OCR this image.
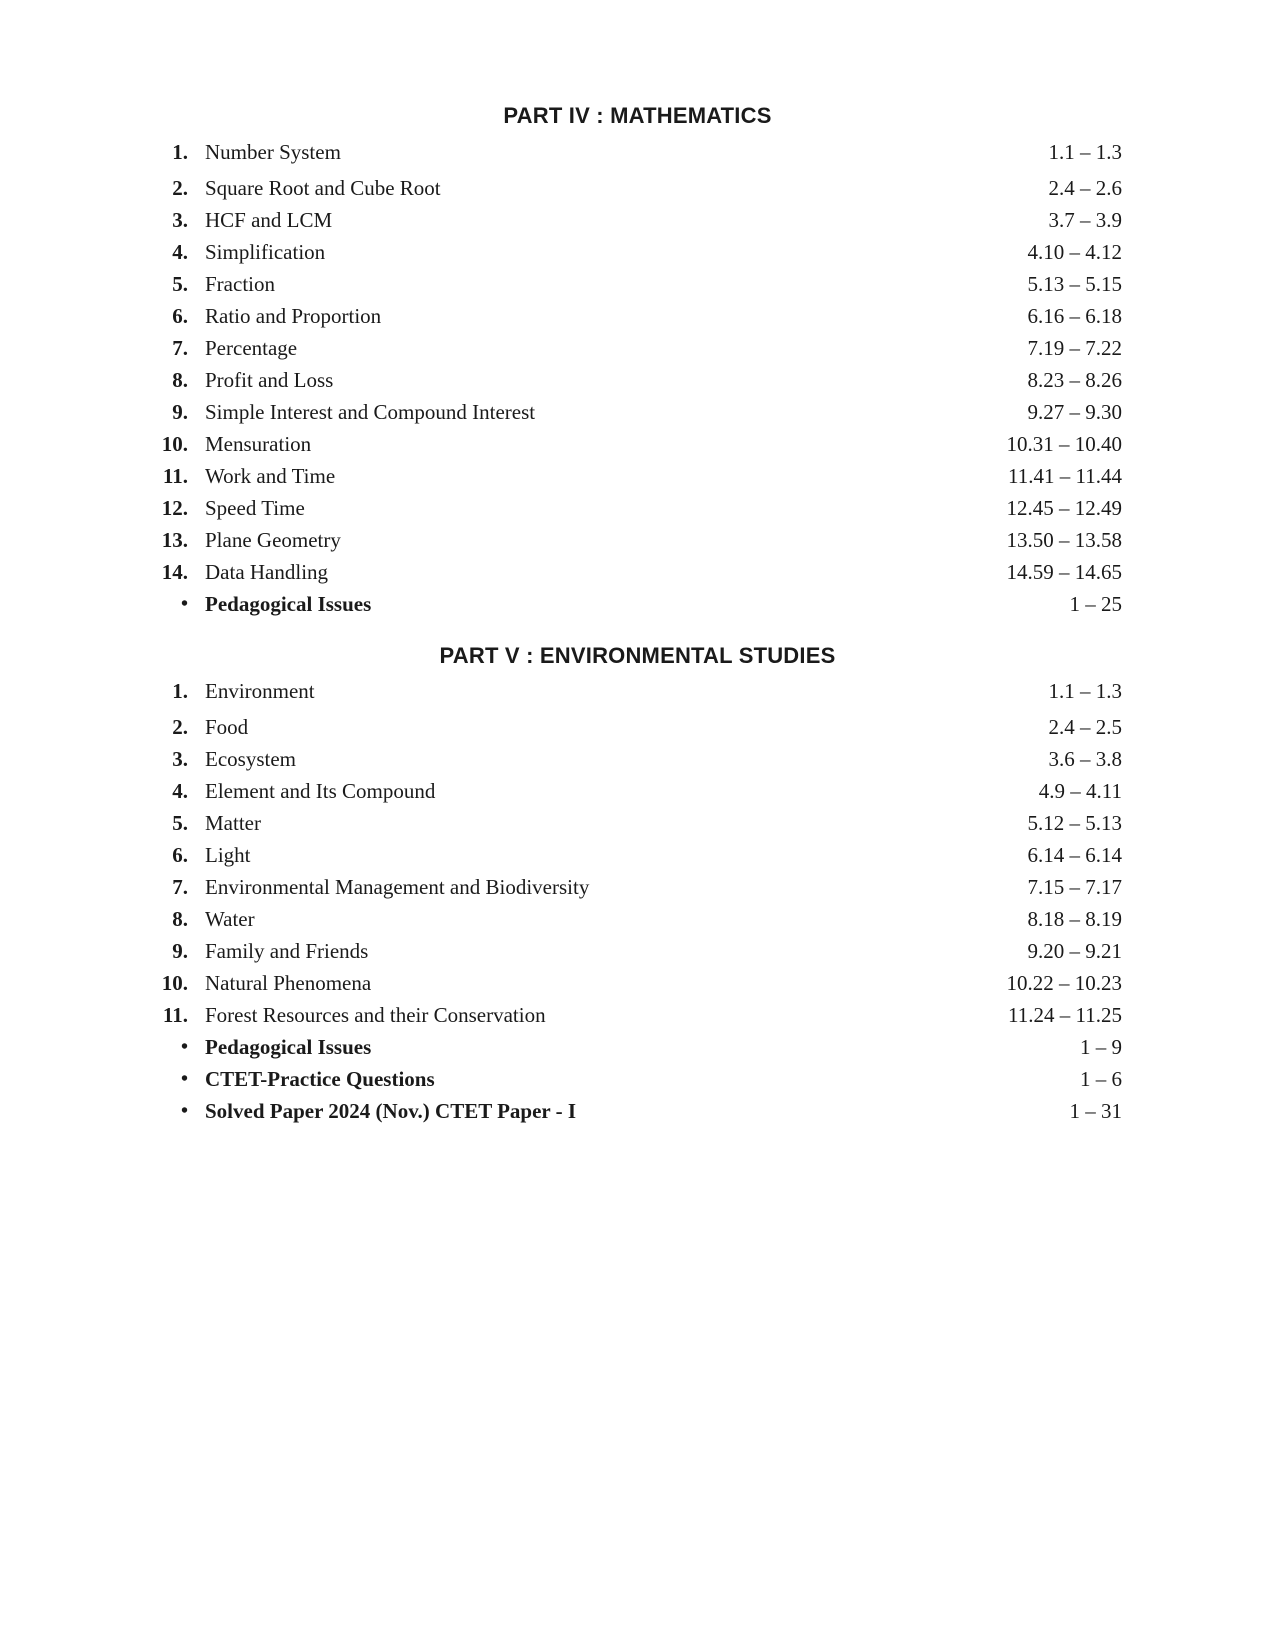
PART IV : MATHEMATICS
1. Number System	1.1 – 1.3
2. Square Root and Cube Root	2.4 – 2.6
3. HCF and LCM	3.7 – 3.9
4. Simplification	4.10 – 4.12
5. Fraction	5.13 – 5.15
6. Ratio and Proportion	6.16 – 6.18
7. Percentage	7.19 – 7.22
8. Profit and Loss	8.23 – 8.26
9. Simple Interest and Compound Interest	9.27 – 9.30
10. Mensuration	10.31 – 10.40
11. Work and Time	11.41 – 11.44
12. Speed Time	12.45 – 12.49
13. Plane Geometry	13.50 – 13.58
14. Data Handling	14.59 – 14.65
• Pedagogical Issues	1 – 25
PART V : ENVIRONMENTAL STUDIES
1. Environment	1.1 – 1.3
2. Food	2.4 – 2.5
3. Ecosystem	3.6 – 3.8
4. Element and Its Compound	4.9 – 4.11
5. Matter	5.12 – 5.13
6. Light	6.14 – 6.14
7. Environmental Management and Biodiversity	7.15 – 7.17
8. Water	8.18 – 8.19
9. Family and Friends	9.20 – 9.21
10. Natural Phenomena	10.22 – 10.23
11. Forest Resources and their Conservation	11.24 – 11.25
• Pedagogical Issues	1 – 9
• CTET-Practice Questions	1 – 6
• Solved Paper 2024 (Nov.) CTET Paper - I	1 – 31
